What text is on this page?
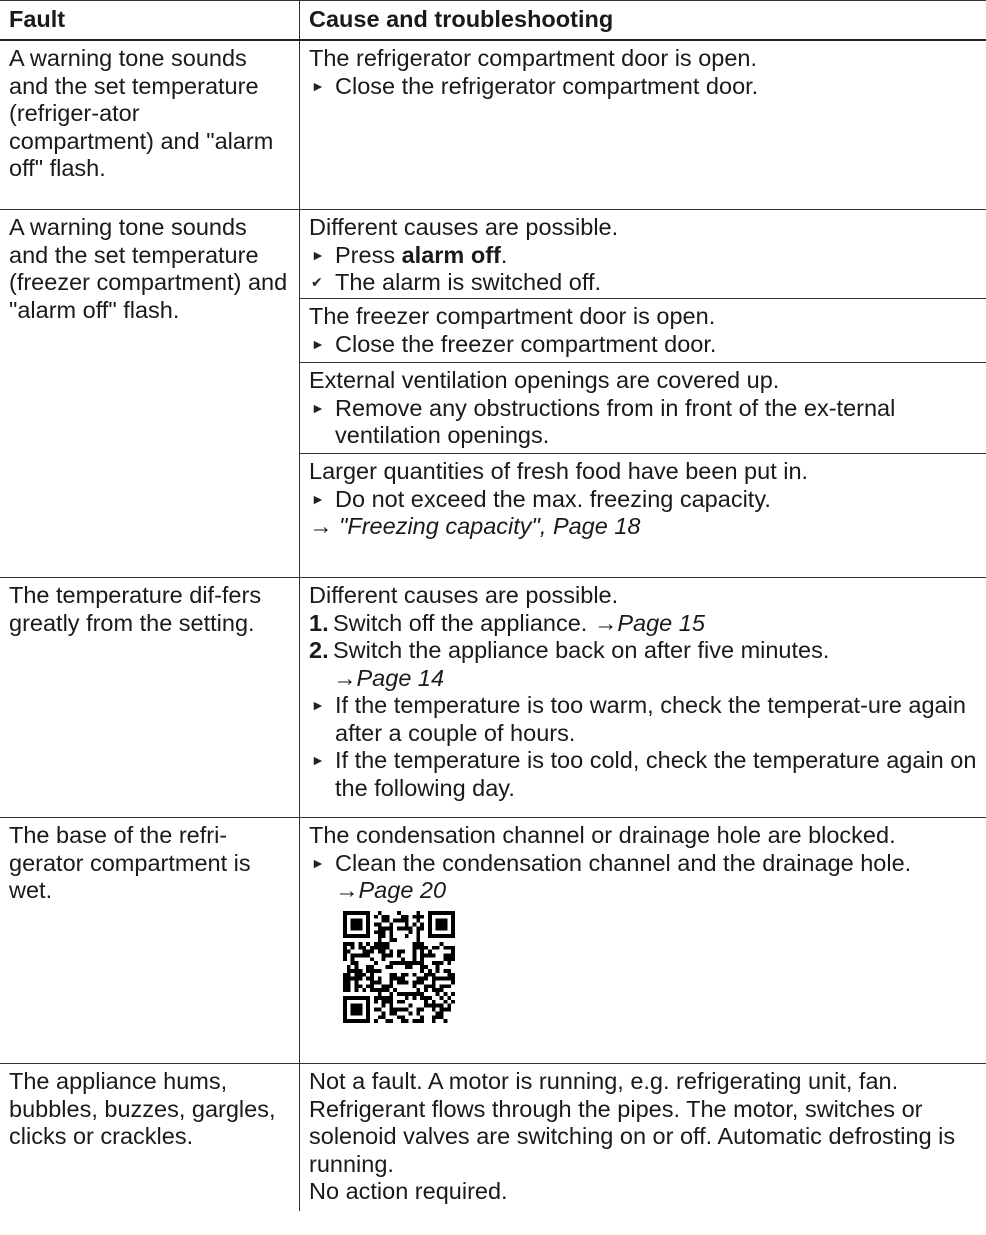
Fault	Cause and troubleshooting
A warning tone sounds and the set temperature (refriger-ator compartment) and "alarm off" flash.
The refrigerator compartment door is open.
► Close the refrigerator compartment door.
A warning tone sounds and the set temperature (freezer compartment) and "alarm off" flash.
Different causes are possible.
► Press alarm off.
✔ The alarm is switched off.
The freezer compartment door is open.
► Close the freezer compartment door.
External ventilation openings are covered up.
► Remove any obstructions from in front of the ex-ternal ventilation openings.
Larger quantities of fresh food have been put in.
► Do not exceed the max. freezing capacity.
→ "Freezing capacity", Page 18
The temperature dif-fers greatly from the setting.
Different causes are possible.
1. Switch off the appliance. →Page 15
2. Switch the appliance back on after five minutes.
→Page 14
► If the temperature is too warm, check the temperat-ure again after a couple of hours.
► If the temperature is too cold, check the temperature again on the following day.
The base of the refri-gerator compartment is wet.
The condensation channel or drainage hole are blocked.
► Clean the condensation channel and the drainage hole. →Page 20
The appliance hums, bubbles, buzzes, gargles, clicks or crackles.
Not a fault. A motor is running, e.g. refrigerating unit, fan. Refrigerant flows through the pipes. The motor, switches or solenoid valves are switching on or off. Automatic defrosting is running.
No action required.
